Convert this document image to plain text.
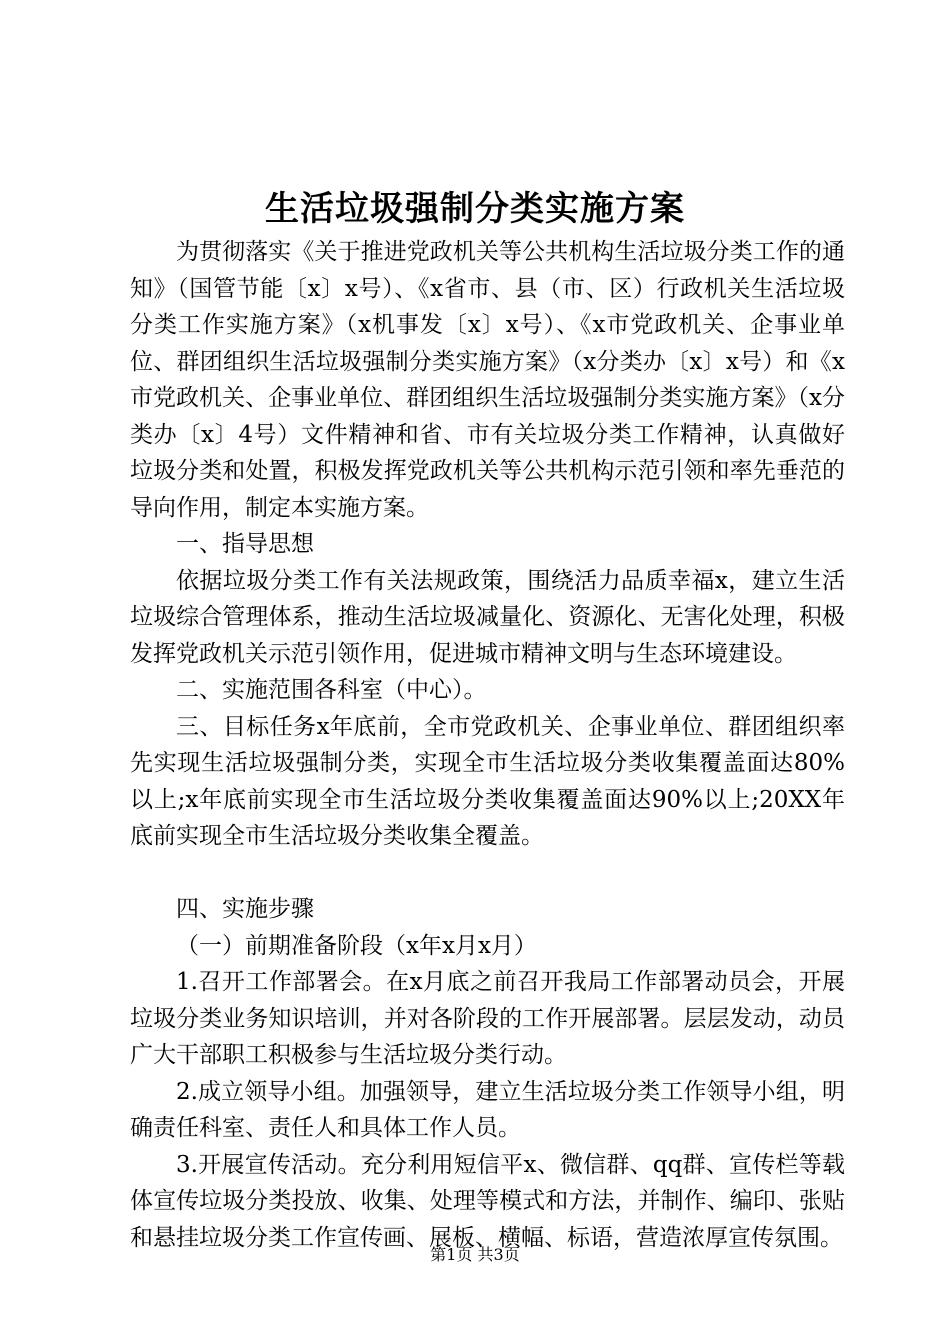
生活垃圾强制分类实施方案

为贯彻落实《关于推进党政机关等公共机构生活垃圾分类工作的通知》（国管节能〔x〕x号）、《x省市、县（市、区）行政机关生活垃圾分类工作实施方案》（x机事发〔x〕x号）、《x市党政机关、企事业单位、群团组织生活垃圾强制分类实施方案》（x分类办〔x〕x号）和《x市党政机关、企事业单位、群团组织生活垃圾强制分类实施方案》（x分类办〔x〕4号）文件精神和省、市有关垃圾分类工作精神，认真做好垃圾分类和处置，积极发挥党政机关等公共机构示范引领和率先垂范的导向作用，制定本实施方案。

一、指导思想

依据垃圾分类工作有关法规政策，围绕活力品质幸福x，建立生活垃圾综合管理体系，推动生活垃圾减量化、资源化、无害化处理，积极发挥党政机关示范引领作用，促进城市精神文明与生态环境建设。

二、实施范围各科室（中心）。

三、目标任务x年底前，全市党政机关、企事业单位、群团组织率先实现生活垃圾强制分类，实现全市生活垃圾分类收集覆盖面达80%以上;x年底前实现全市生活垃圾分类收集覆盖面达90%以上;20XX年底前实现全市生活垃圾分类收集全覆盖。

四、实施步骤

（一）前期准备阶段（x年x月x月）

1.召开工作部署会。在x月底之前召开我局工作部署动员会，开展垃圾分类业务知识培训，并对各阶段的工作开展部署。层层发动，动员广大干部职工积极参与生活垃圾分类行动。

2.成立领导小组。加强领导，建立生活垃圾分类工作领导小组，明确责任科室、责任人和具体工作人员。

3.开展宣传活动。充分利用短信平x、微信群、qq群、宣传栏等载体宣传垃圾分类投放、收集、处理等模式和方法，并制作、编印、张贴和悬挂垃圾分类工作宣传画、展板、横幅、标语，营造浓厚宣传氛围。

第1页 共3页
